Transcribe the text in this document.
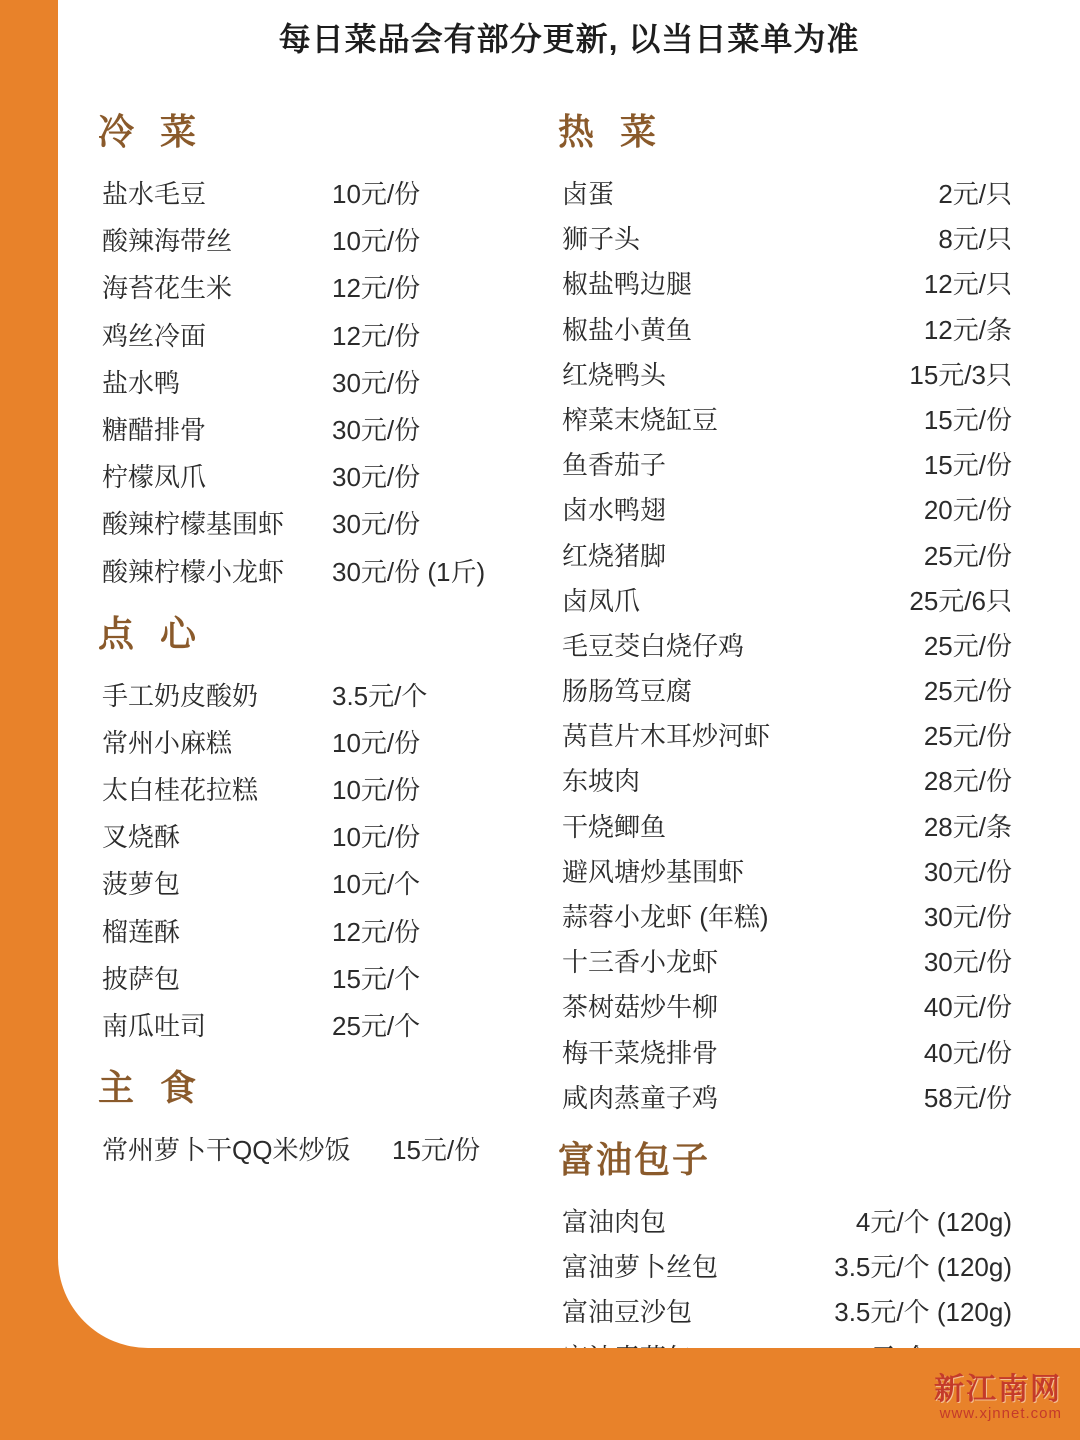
每日菜品会有部分更新, 以当日菜单为准
冷 菜
盐水毛豆	10元/份
酸辣海带丝	10元/份
海苔花生米	12元/份
鸡丝冷面	12元/份
盐水鸭	30元/份
糖醋排骨	30元/份
柠檬凤爪	30元/份
酸辣柠檬基围虾	30元/份
酸辣柠檬小龙虾	30元/份 (1斤)
点 心
手工奶皮酸奶	3.5元/个
常州小麻糕	10元/份
太白桂花拉糕	10元/份
叉烧酥	10元/份
菠萝包	10元/个
榴莲酥	12元/份
披萨包	15元/个
南瓜吐司	25元/个
主 食
常州萝卜干QQ米炒饭	15元/份
热 菜
卤蛋	2元/只
狮子头	8元/只
椒盐鸭边腿	12元/只
椒盐小黄鱼	12元/条
红烧鸭头	15元/3只
榨菜末烧缸豆	15元/份
鱼香茄子	15元/份
卤水鸭翅	20元/份
红烧猪脚	25元/份
卤凤爪	25元/6只
毛豆茭白烧仔鸡	25元/份
肠肠笃豆腐	25元/份
莴苣片木耳炒河虾	25元/份
东坡肉	28元/份
干烧鲫鱼	28元/条
避风塘炒基围虾	30元/份
蒜蓉小龙虾 (年糕)	30元/份
十三香小龙虾	30元/份
茶树菇炒牛柳	40元/份
梅干菜烧排骨	40元/份
咸肉蒸童子鸡	58元/份
富油包子
富油肉包	4元/个 (120g)
富油萝卜丝包	3.5元/个 (120g)
富油豆沙包	3.5元/个 (120g)
新江南网
www.xjnnet.com
